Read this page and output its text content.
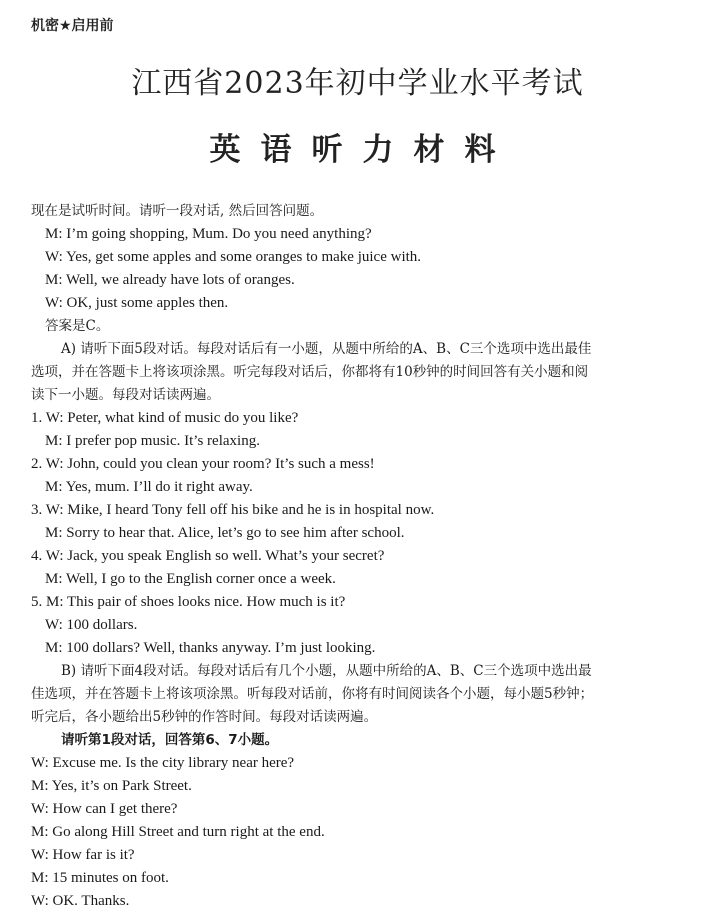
机密★启用前
江西省2023年初中学业水平考试
英语听力材料
现在是试听时间。请听一段对话, 然后回答问题。
M: I’m going shopping, Mum. Do you need anything?
W: Yes, get some apples and some oranges to make juice with.
M: Well, we already have lots of oranges.
W: OK, just some apples then.
答案是C。
A) 请听下面5段对话。每段对话后有一小题，从题中所给的A、B、C三个选项中选出最佳
选项，并在答题卡上将该项涂黑。听完每段对话后，你都将有10秒钟的时间回答有关小题和阅
读下一小题。每段对话读两遍。
1. W: Peter, what kind of music do you like?
M: I prefer pop music. It’s relaxing.
2. W: John, could you clean your room? It’s such a mess!
M: Yes, mum. I’ll do it right away.
3. W: Mike, I heard Tony fell off his bike and he is in hospital now.
M: Sorry to hear that. Alice, let’s go to see him after school.
4. W: Jack, you speak English so well. What’s your secret?
M: Well, I go to the English corner once a week.
5. M: This pair of shoes looks nice. How much is it?
W: 100 dollars.
M: 100 dollars? Well, thanks anyway. I’m just looking.
B) 请听下面4段对话。每段对话后有几个小题，从题中所给的A、B、C三个选项中选出最
佳选项，并在答题卡上将该项涂黑。听每段对话前，你将有时间阅读各个小题，每小题5秒钟；
听完后，各小题给出5秒钟的作答时间。每段对话读两遍。
请听第1段对话，回答第6、7小题。
W: Excuse me. Is the city library near here?
M: Yes, it’s on Park Street.
W: How can I get there?
M: Go along Hill Street and turn right at the end.
W: How far is it?
M: 15 minutes on foot.
W: OK. Thanks.
